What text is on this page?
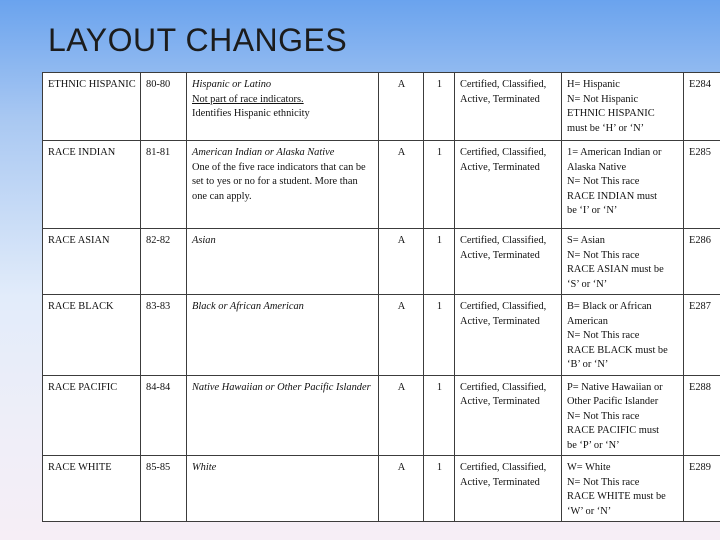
LAYOUT CHANGES
ETHNIC HISPANIC	80-80	Hispanic or Latino
Not part of race indicators.
Identifies Hispanic ethnicity	A	1	Certified, Classified, Active, Terminated	H= Hispanic
N= Not Hispanic
ETHNIC HISPANIC
must be ‘H’ or ‘N’	E284
RACE INDIAN	81-81	American Indian or Alaska Native
One of the five race indicators that can be set to yes or no for a student. More than one can apply.	A	1	Certified, Classified, Active, Terminated	1= American Indian or
Alaska Native
N= Not This race
RACE INDIAN must
be ‘I’ or ‘N’	E285
RACE ASIAN	82-82	Asian	A	1	Certified, Classified, Active, Terminated	S= Asian
N= Not This race
RACE ASIAN must be
‘S’ or ‘N’	E286
RACE BLACK	83-83	Black or African American	A	1	Certified, Classified, Active, Terminated	B= Black or African
American
N= Not This race
RACE BLACK must be
‘B’ or ‘N’	E287
RACE PACIFIC	84-84	Native Hawaiian or Other Pacific Islander	A	1	Certified, Classified, Active, Terminated	P= Native Hawaiian or
Other Pacific Islander
N= Not This race
RACE PACIFIC must
be ‘P’ or ‘N’	E288
RACE WHITE	85-85	White	A	1	Certified, Classified, Active, Terminated	W= White
N= Not This race
RACE WHITE must be
‘W’ or ‘N’	E289
